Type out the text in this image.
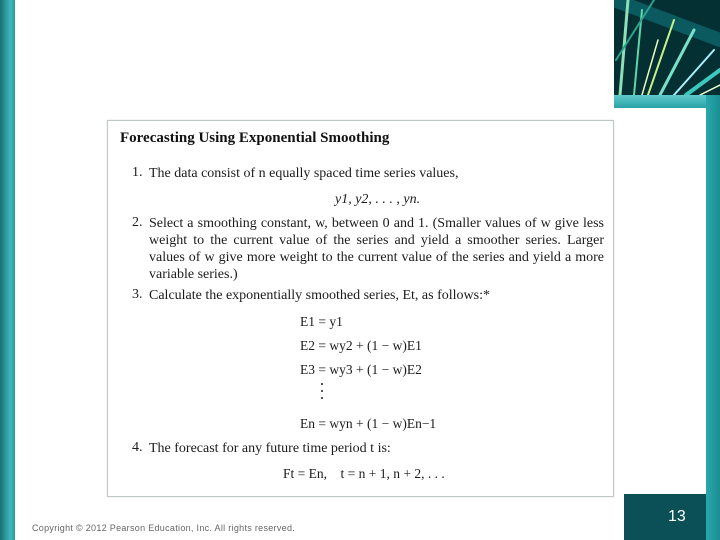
Forecasting Using Exponential Smoothing
1. The data consist of n equally spaced time series values,
y1, y2, . . . , yn.
2. Select a smoothing constant, w, between 0 and 1. (Smaller values of w give less weight to the current value of the series and yield a smoother series. Larger values of w give more weight to the current value of the series and yield a more variable series.)
3. Calculate the exponentially smoothed series, Et, as follows:*
E1 = y1
E2 = wy2 + (1 − w)E1
E3 = wy3 + (1 − w)E2
En = wyn + (1 − w)En−1
4. The forecast for any future time period t is:
Ft = En,    t = n + 1, n + 2, . . .
Copyright © 2012 Pearson Education, Inc. All rights reserved.
13
